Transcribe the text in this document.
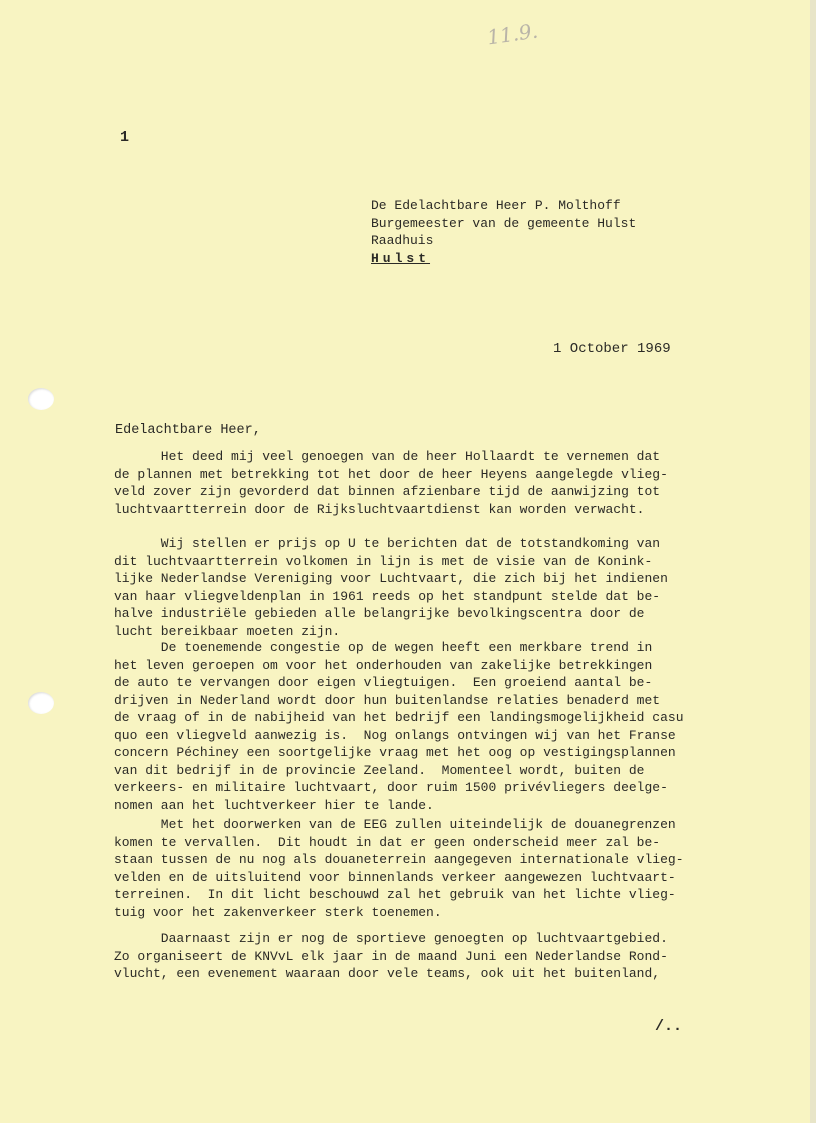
11.9.
1
De Edelachtbare Heer P. Molthoff
Burgemeester van de gemeente Hulst
Raadhuis
Hulst
1 October 1969
Edelachtbare Heer,
Het deed mij veel genoegen van de heer Hollaardt te vernemen dat
de plannen met betrekking tot het door de heer Heyens aangelegde vlieg-
veld zover zijn gevorderd dat binnen afzienbare tijd de aanwijzing tot
luchtvaartterrein door de Rijksluchtvaartdienst kan worden verwacht.
Wij stellen er prijs op U te berichten dat de totstandkoming van
dit luchtvaartterrein volkomen in lijn is met de visie van de Konink-
lijke Nederlandse Vereniging voor Luchtvaart, die zich bij het indienen
van haar vliegveldenplan in 1961 reeds op het standpunt stelde dat be-
halve industriële gebieden alle belangrijke bevolkingscentra door de
lucht bereikbaar moeten zijn.
De toenemende congestie op de wegen heeft een merkbare trend in
het leven geroepen om voor het onderhouden van zakelijke betrekkingen
de auto te vervangen door eigen vliegtuigen.  Een groeiend aantal be-
drijven in Nederland wordt door hun buitenlandse relaties benaderd met
de vraag of in de nabijheid van het bedrijf een landingsmogelijkheid casu
quo een vliegveld aanwezig is.  Nog onlangs ontvingen wij van het Franse
concern Péchiney een soortgelijke vraag met het oog op vestigingsplannen
van dit bedrijf in de provincie Zeeland.  Momenteel wordt, buiten de
verkeers- en militaire luchtvaart, door ruim 1500 privévliegers deelge-
nomen aan het luchtverkeer hier te lande.
Met het doorwerken van de EEG zullen uiteindelijk de douanegrenzen
komen te vervallen.  Dit houdt in dat er geen onderscheid meer zal be-
staan tussen de nu nog als douaneterrein aangegeven internationale vlieg-
velden en de uitsluitend voor binnenlands verkeer aangewezen luchtvaart-
terreinen.  In dit licht beschouwd zal het gebruik van het lichte vlieg-
tuig voor het zakenverkeer sterk toenemen.
Daarnaast zijn er nog de sportieve genoegten op luchtvaartgebied.
Zo organiseert de KNVvL elk jaar in de maand Juni een Nederlandse Rond-
vlucht, een evenement waaraan door vele teams, ook uit het buitenland,
/..
